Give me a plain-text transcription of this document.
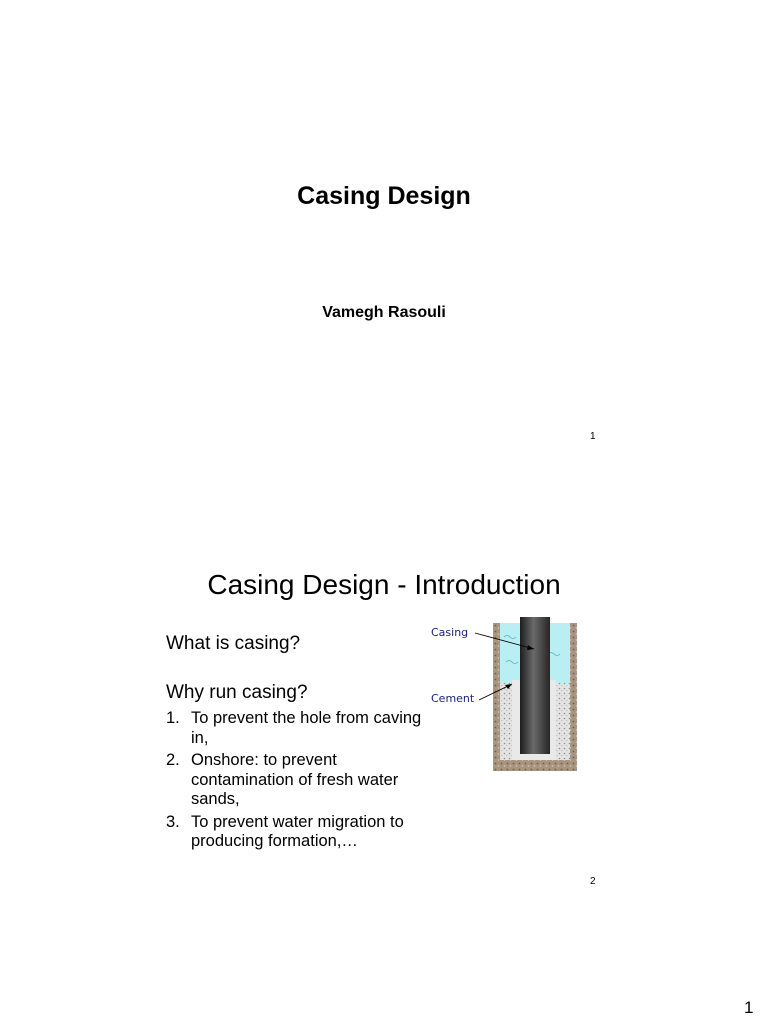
Casing Design
Vamegh Rasouli
1
Casing Design - Introduction
What is casing?
Why run casing?
1. To prevent the hole from caving in,
2. Onshore: to prevent contamination of fresh water sands,
3. To prevent water migration to producing formation,…
Casing
Cement
2
1
